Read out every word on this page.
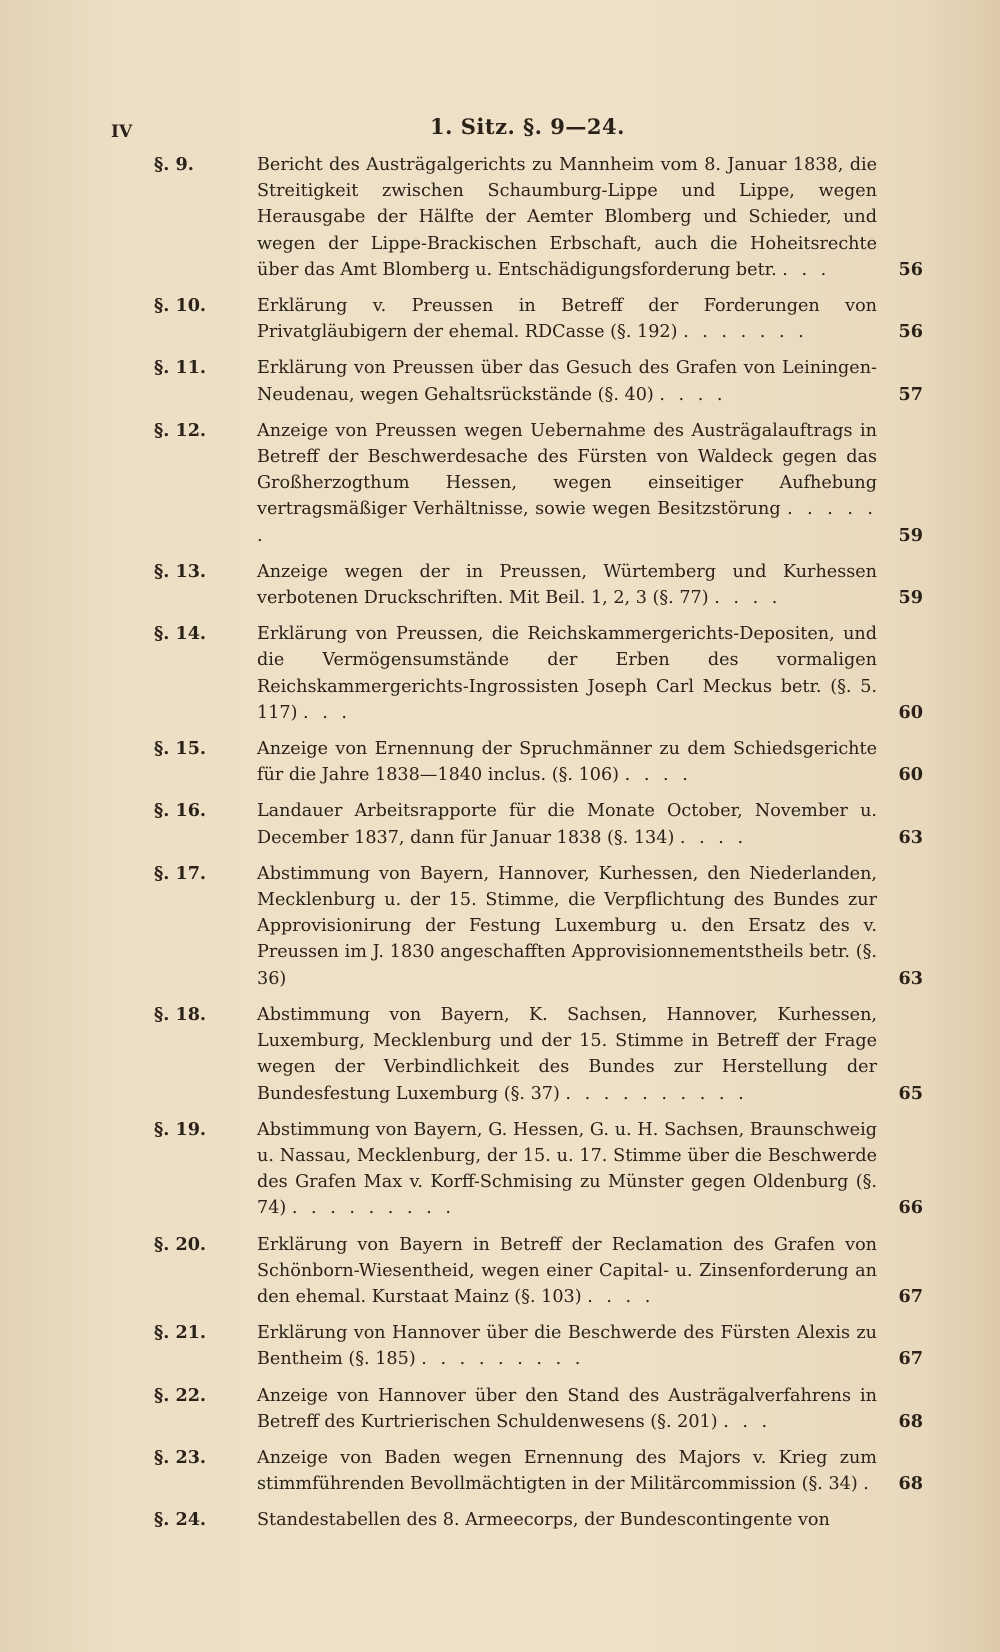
IV	1. Sitz. §. 9—24.
§. 9.	Bericht des Austrägalgerichts zu Mannheim vom 8. Januar 1838, die Streitigkeit zwischen Schaumburg-Lippe und Lippe, wegen Herausgabe der Hälfte der Aemter Blomberg und Schieder, und wegen der Lippe-Brackischen Erbschaft, auch die Hoheitsrechte über das Amt Blomberg u. Entschädigungsforderung betr. . . .	56
§. 10.	Erklärung v. Preussen in Betreff der Forderungen von Privatgläubigern der ehemal. RDCasse (§. 192) . . . . . . .	56
§. 11.	Erklärung von Preussen über das Gesuch des Grafen von Leiningen-Neudenau, wegen Gehaltsrückstände (§. 40) . . . .	57
§. 12.	Anzeige von Preussen wegen Uebernahme des Austrägalauftrags in Betreff der Beschwerdesache des Fürsten von Waldeck gegen das Großherzogthum Hessen, wegen einseitiger Aufhebung vertragsmäßiger Verhältnisse, sowie wegen Besitzstörung . . . . . .	59
§. 13.	Anzeige wegen der in Preussen, Würtemberg und Kurhessen verbotenen Druckschriften. Mit Beil. 1, 2, 3 (§. 77) . . . .	59
§. 14.	Erklärung von Preussen, die Reichskammergerichts-Depositen, und die Vermögensumstände der Erben des vormaligen Reichskammergerichts-Ingrossisten Joseph Carl Meckus betr. (§. 5. 117) . . .	60
§. 15.	Anzeige von Ernennung der Spruchmänner zu dem Schiedsgerichte für die Jahre 1838—1840 inclus. (§. 106) . . . .	60
§. 16.	Landauer Arbeitsrapporte für die Monate October, November u. December 1837, dann für Januar 1838 (§. 134) . . . .	63
§. 17.	Abstimmung von Bayern, Hannover, Kurhessen, den Niederlanden, Mecklenburg u. der 15. Stimme, die Verpflichtung des Bundes zur Approvisionirung der Festung Luxemburg u. den Ersatz des v. Preussen im J. 1830 angeschafften Approvisionnementstheils betr. (§. 36)	63
§. 18.	Abstimmung von Bayern, K. Sachsen, Hannover, Kurhessen, Luxemburg, Mecklenburg und der 15. Stimme in Betreff der Frage wegen der Verbindlichkeit des Bundes zur Herstellung der Bundesfestung Luxemburg (§. 37) . . . . . . . . . .	65
§. 19.	Abstimmung von Bayern, G. Hessen, G. u. H. Sachsen, Braunschweig u. Nassau, Mecklenburg, der 15. u. 17. Stimme über die Beschwerde des Grafen Max v. Korff-Schmising zu Münster gegen Oldenburg (§. 74) . . . . . . . . .	66
§. 20.	Erklärung von Bayern in Betreff der Reclamation des Grafen von Schönborn-Wiesentheid, wegen einer Capital- u. Zinsenforderung an den ehemal. Kurstaat Mainz (§. 103) . . . .	67
§. 21.	Erklärung von Hannover über die Beschwerde des Fürsten Alexis zu Bentheim (§. 185) . . . . . . . . .	67
§. 22.	Anzeige von Hannover über den Stand des Austrägalverfahrens in Betreff des Kurtrierischen Schuldenwesens (§. 201) . . .	68
§. 23.	Anzeige von Baden wegen Ernennung des Majors v. Krieg zum stimmführenden Bevollmächtigten in der Militärcommission (§. 34) .	68
§. 24.	Standestabellen des 8. Armeecorps, der Bundescontingente von
